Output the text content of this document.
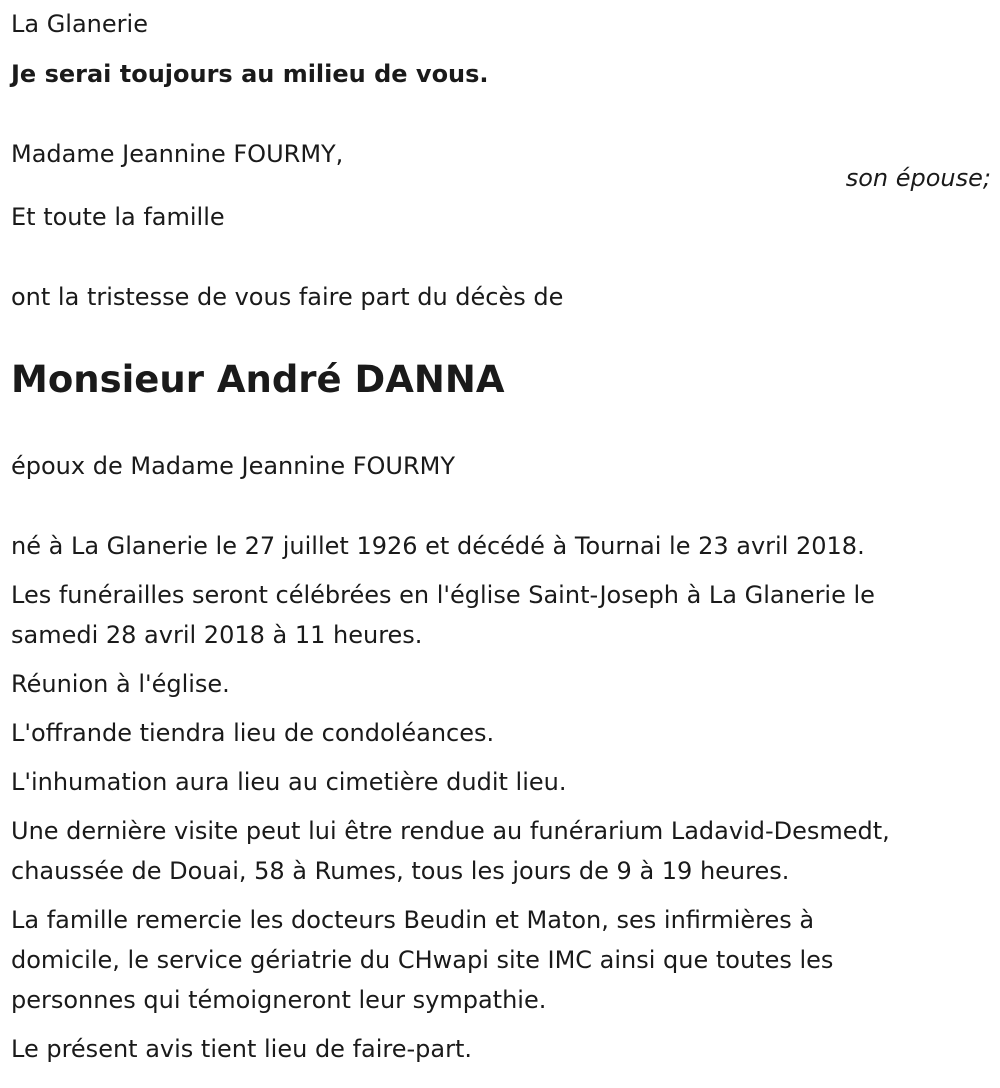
La Glanerie
Je serai toujours au milieu de vous.
Madame Jeannine FOURMY,
son épouse;
Et toute la famille
ont la tristesse de vous faire part du décès de
Monsieur André DANNA
époux de Madame Jeannine FOURMY

né à La Glanerie le 27 juillet 1926 et décédé à Tournai le 23 avril 2018.

Les funérailles seront célébrées en l'église Saint-Joseph à La Glanerie le
samedi 28 avril 2018 à 11 heures.

Réunion à l'église.

L'offrande tiendra lieu de condoléances.

L'inhumation aura lieu au cimetière dudit lieu.

Une dernière visite peut lui être rendue au funérarium Ladavid-Desmedt,
chaussée de Douai, 58 à Rumes, tous les jours de 9 à 19 heures.

La famille remercie les docteurs Beudin et Maton, ses infirmières à
domicile, le service gériatrie du CHwapi site IMC ainsi que toutes les
personnes qui témoigneront leur sympathie.

Le présent avis tient lieu de faire-part.
